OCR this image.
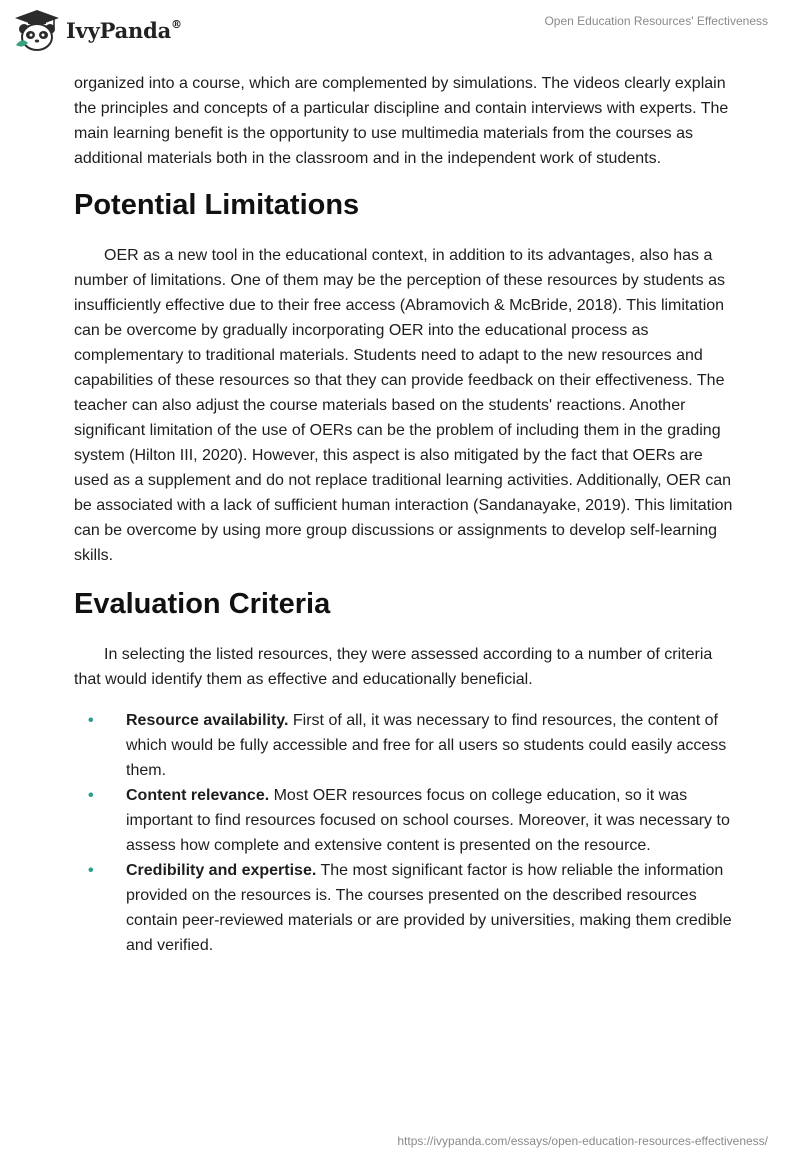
IvyPanda®	Open Education Resources' Effectiveness

organized into a course, which are complemented by simulations. The videos clearly explain the principles and concepts of a particular discipline and contain interviews with experts. The main learning benefit is the opportunity to use multimedia materials from the courses as additional materials both in the classroom and in the independent work of students.

Potential Limitations

OER as a new tool in the educational context, in addition to its advantages, also has a number of limitations. One of them may be the perception of these resources by students as insufficiently effective due to their free access (Abramovich & McBride, 2018). This limitation can be overcome by gradually incorporating OER into the educational process as complementary to traditional materials. Students need to adapt to the new resources and capabilities of these resources so that they can provide feedback on their effectiveness. The teacher can also adjust the course materials based on the students' reactions. Another significant limitation of the use of OERs can be the problem of including them in the grading system (Hilton III, 2020). However, this aspect is also mitigated by the fact that OERs are used as a supplement and do not replace traditional learning activities. Additionally, OER can be associated with a lack of sufficient human interaction (Sandanayake, 2019). This limitation can be overcome by using more group discussions or assignments to develop self-learning skills.

Evaluation Criteria

In selecting the listed resources, they were assessed according to a number of criteria that would identify them as effective and educationally beneficial.

• Resource availability. First of all, it was necessary to find resources, the content of which would be fully accessible and free for all users so students could easily access them.
• Content relevance. Most OER resources focus on college education, so it was important to find resources focused on school courses. Moreover, it was necessary to assess how complete and extensive content is presented on the resource.
• Credibility and expertise. The most significant factor is how reliable the information provided on the resources is. The courses presented on the described resources contain peer-reviewed materials or are provided by universities, making them credible and verified.
https://ivypanda.com/essays/open-education-resources-effectiveness/
